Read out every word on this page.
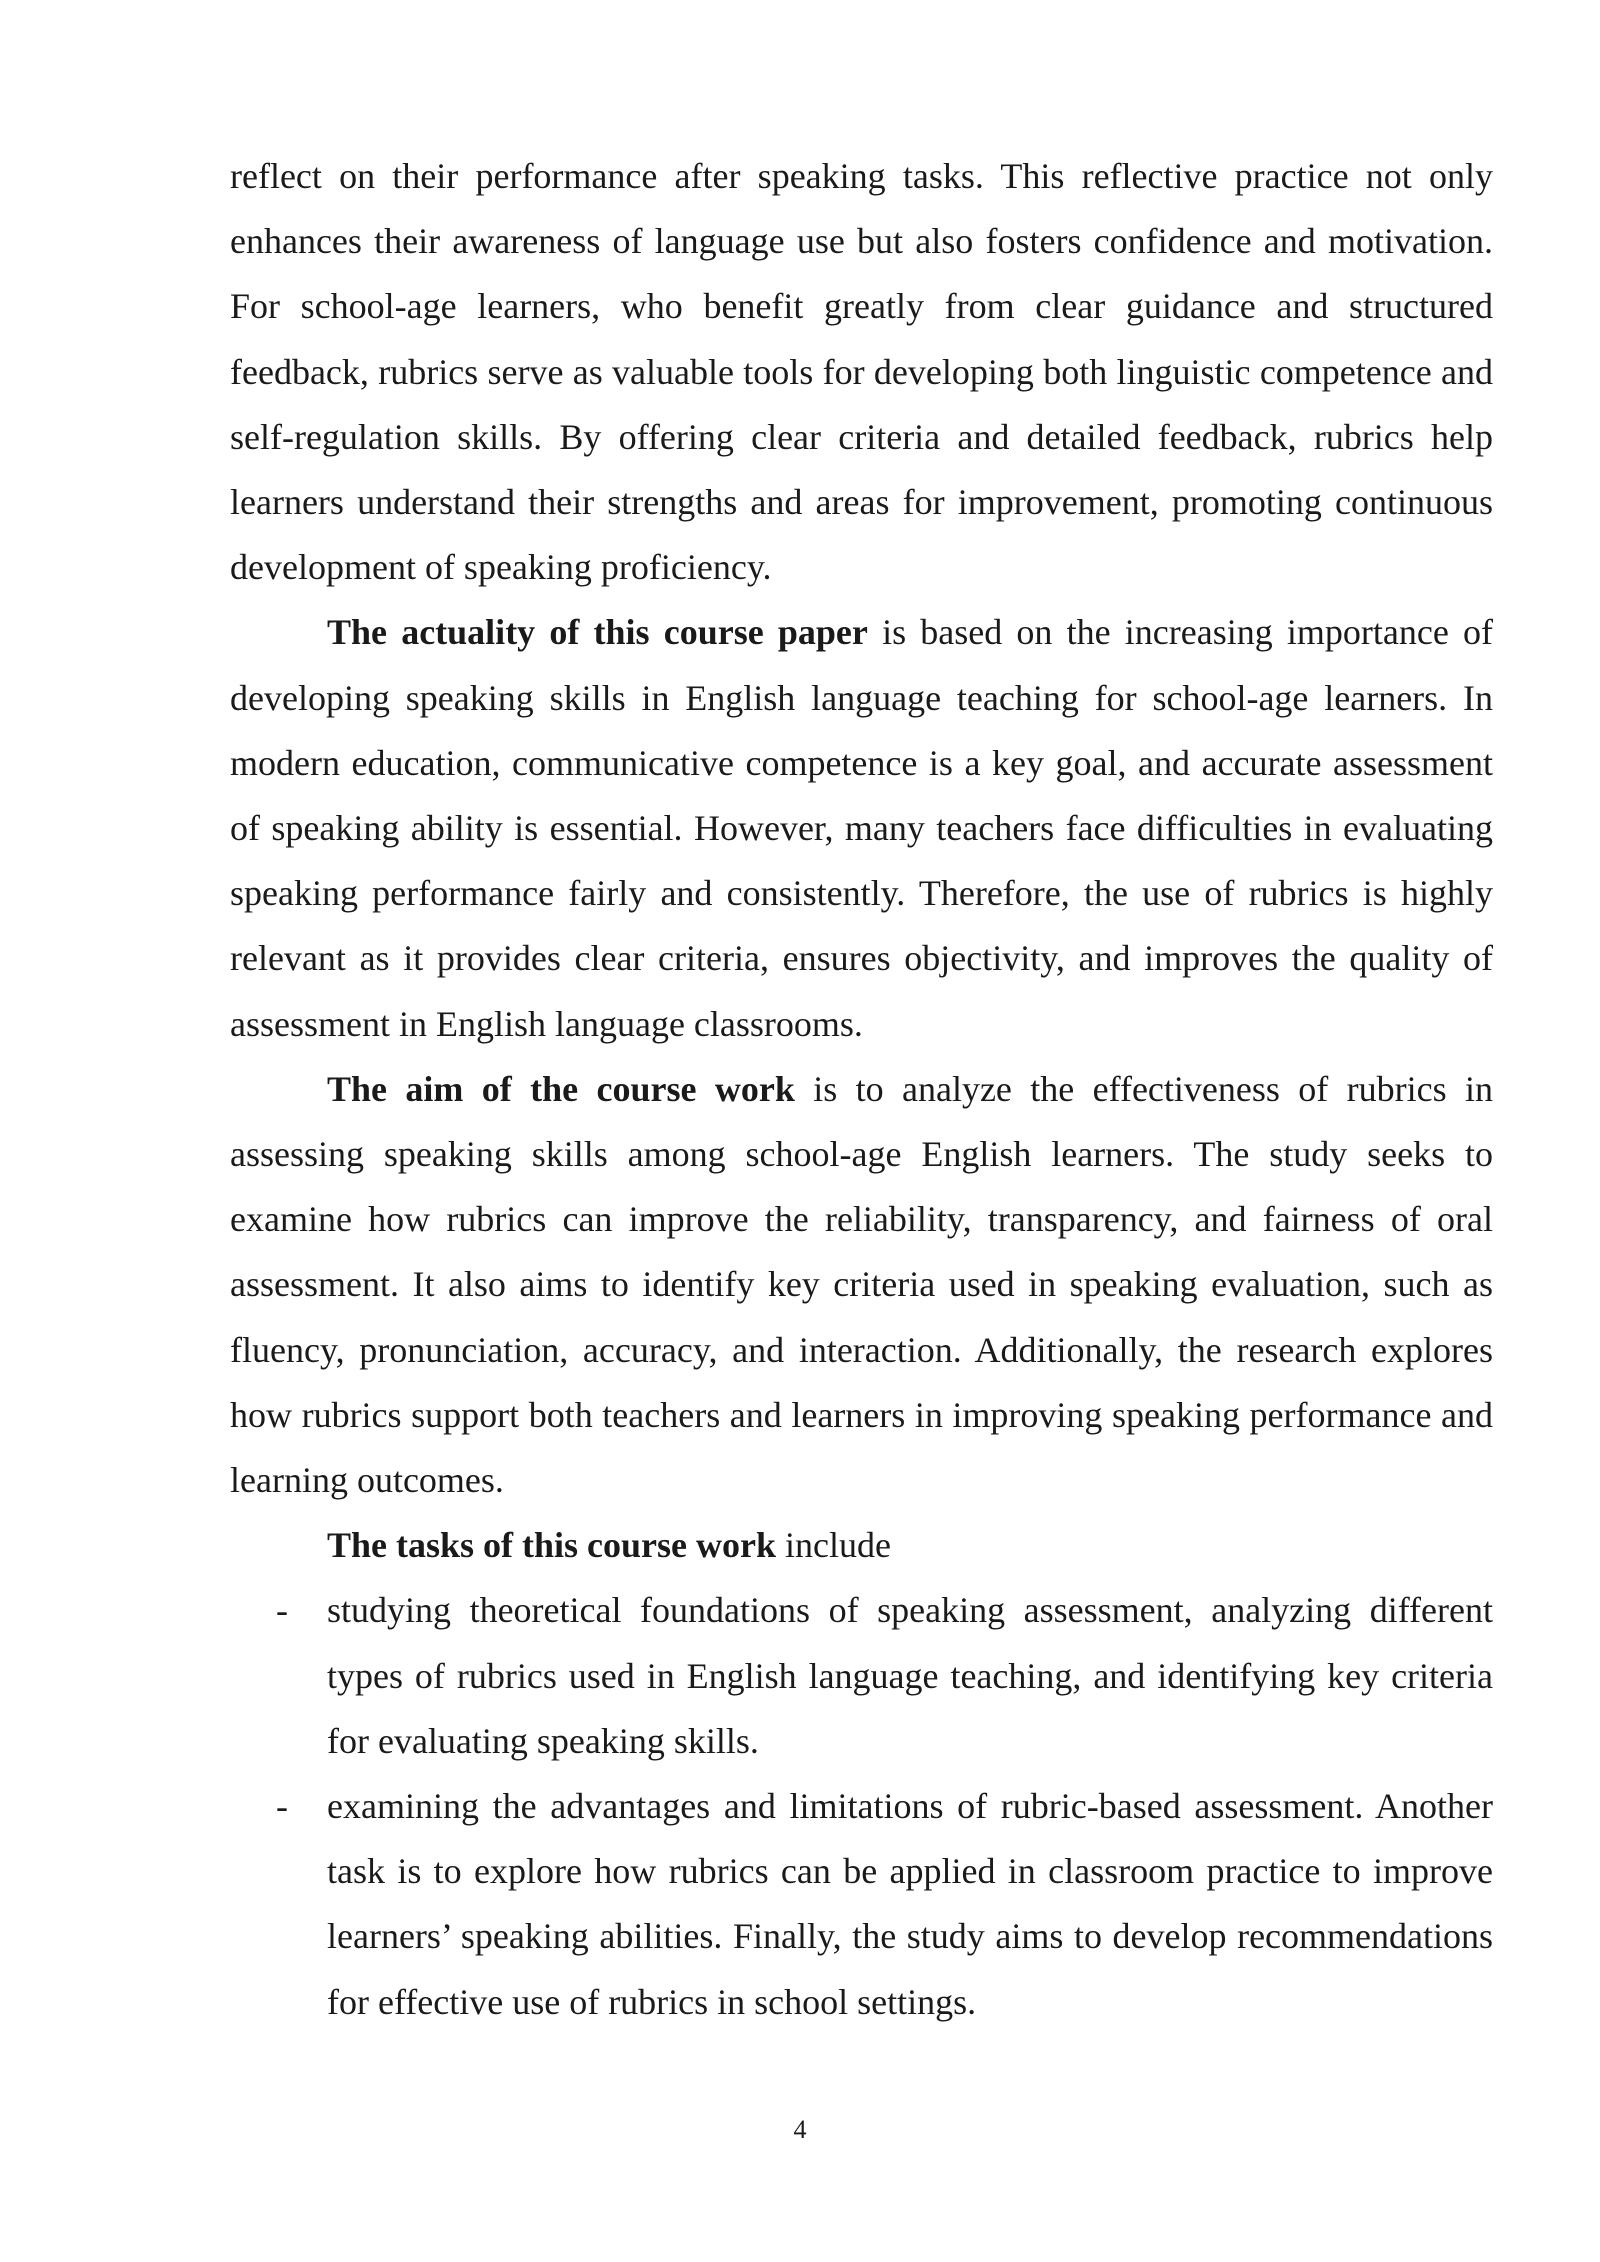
reflect on their performance after speaking tasks. This reflective practice not only enhances their awareness of language use but also fosters confidence and motivation. For school-age learners, who benefit greatly from clear guidance and structured feedback, rubrics serve as valuable tools for developing both linguistic competence and self-regulation skills. By offering clear criteria and detailed feedback, rubrics help learners understand their strengths and areas for improvement, promoting continuous development of speaking proficiency.

The actuality of this course paper is based on the increasing importance of developing speaking skills in English language teaching for school-age learners. In modern education, communicative competence is a key goal, and accurate assessment of speaking ability is essential. However, many teachers face difficulties in evaluating speaking performance fairly and consistently. Therefore, the use of rubrics is highly relevant as it provides clear criteria, ensures objectivity, and improves the quality of assessment in English language classrooms.

The aim of the course work is to analyze the effectiveness of rubrics in assessing speaking skills among school-age English learners. The study seeks to examine how rubrics can improve the reliability, transparency, and fairness of oral assessment. It also aims to identify key criteria used in speaking evaluation, such as fluency, pronunciation, accuracy, and interaction. Additionally, the research explores how rubrics support both teachers and learners in improving speaking performance and learning outcomes.

The tasks of this course work include

- studying theoretical foundations of speaking assessment, analyzing different types of rubrics used in English language teaching, and identifying key criteria for evaluating speaking skills.
- examining the advantages and limitations of rubric-based assessment. Another task is to explore how rubrics can be applied in classroom practice to improve learners’ speaking abilities. Finally, the study aims to develop recommendations for effective use of rubrics in school settings.
4
